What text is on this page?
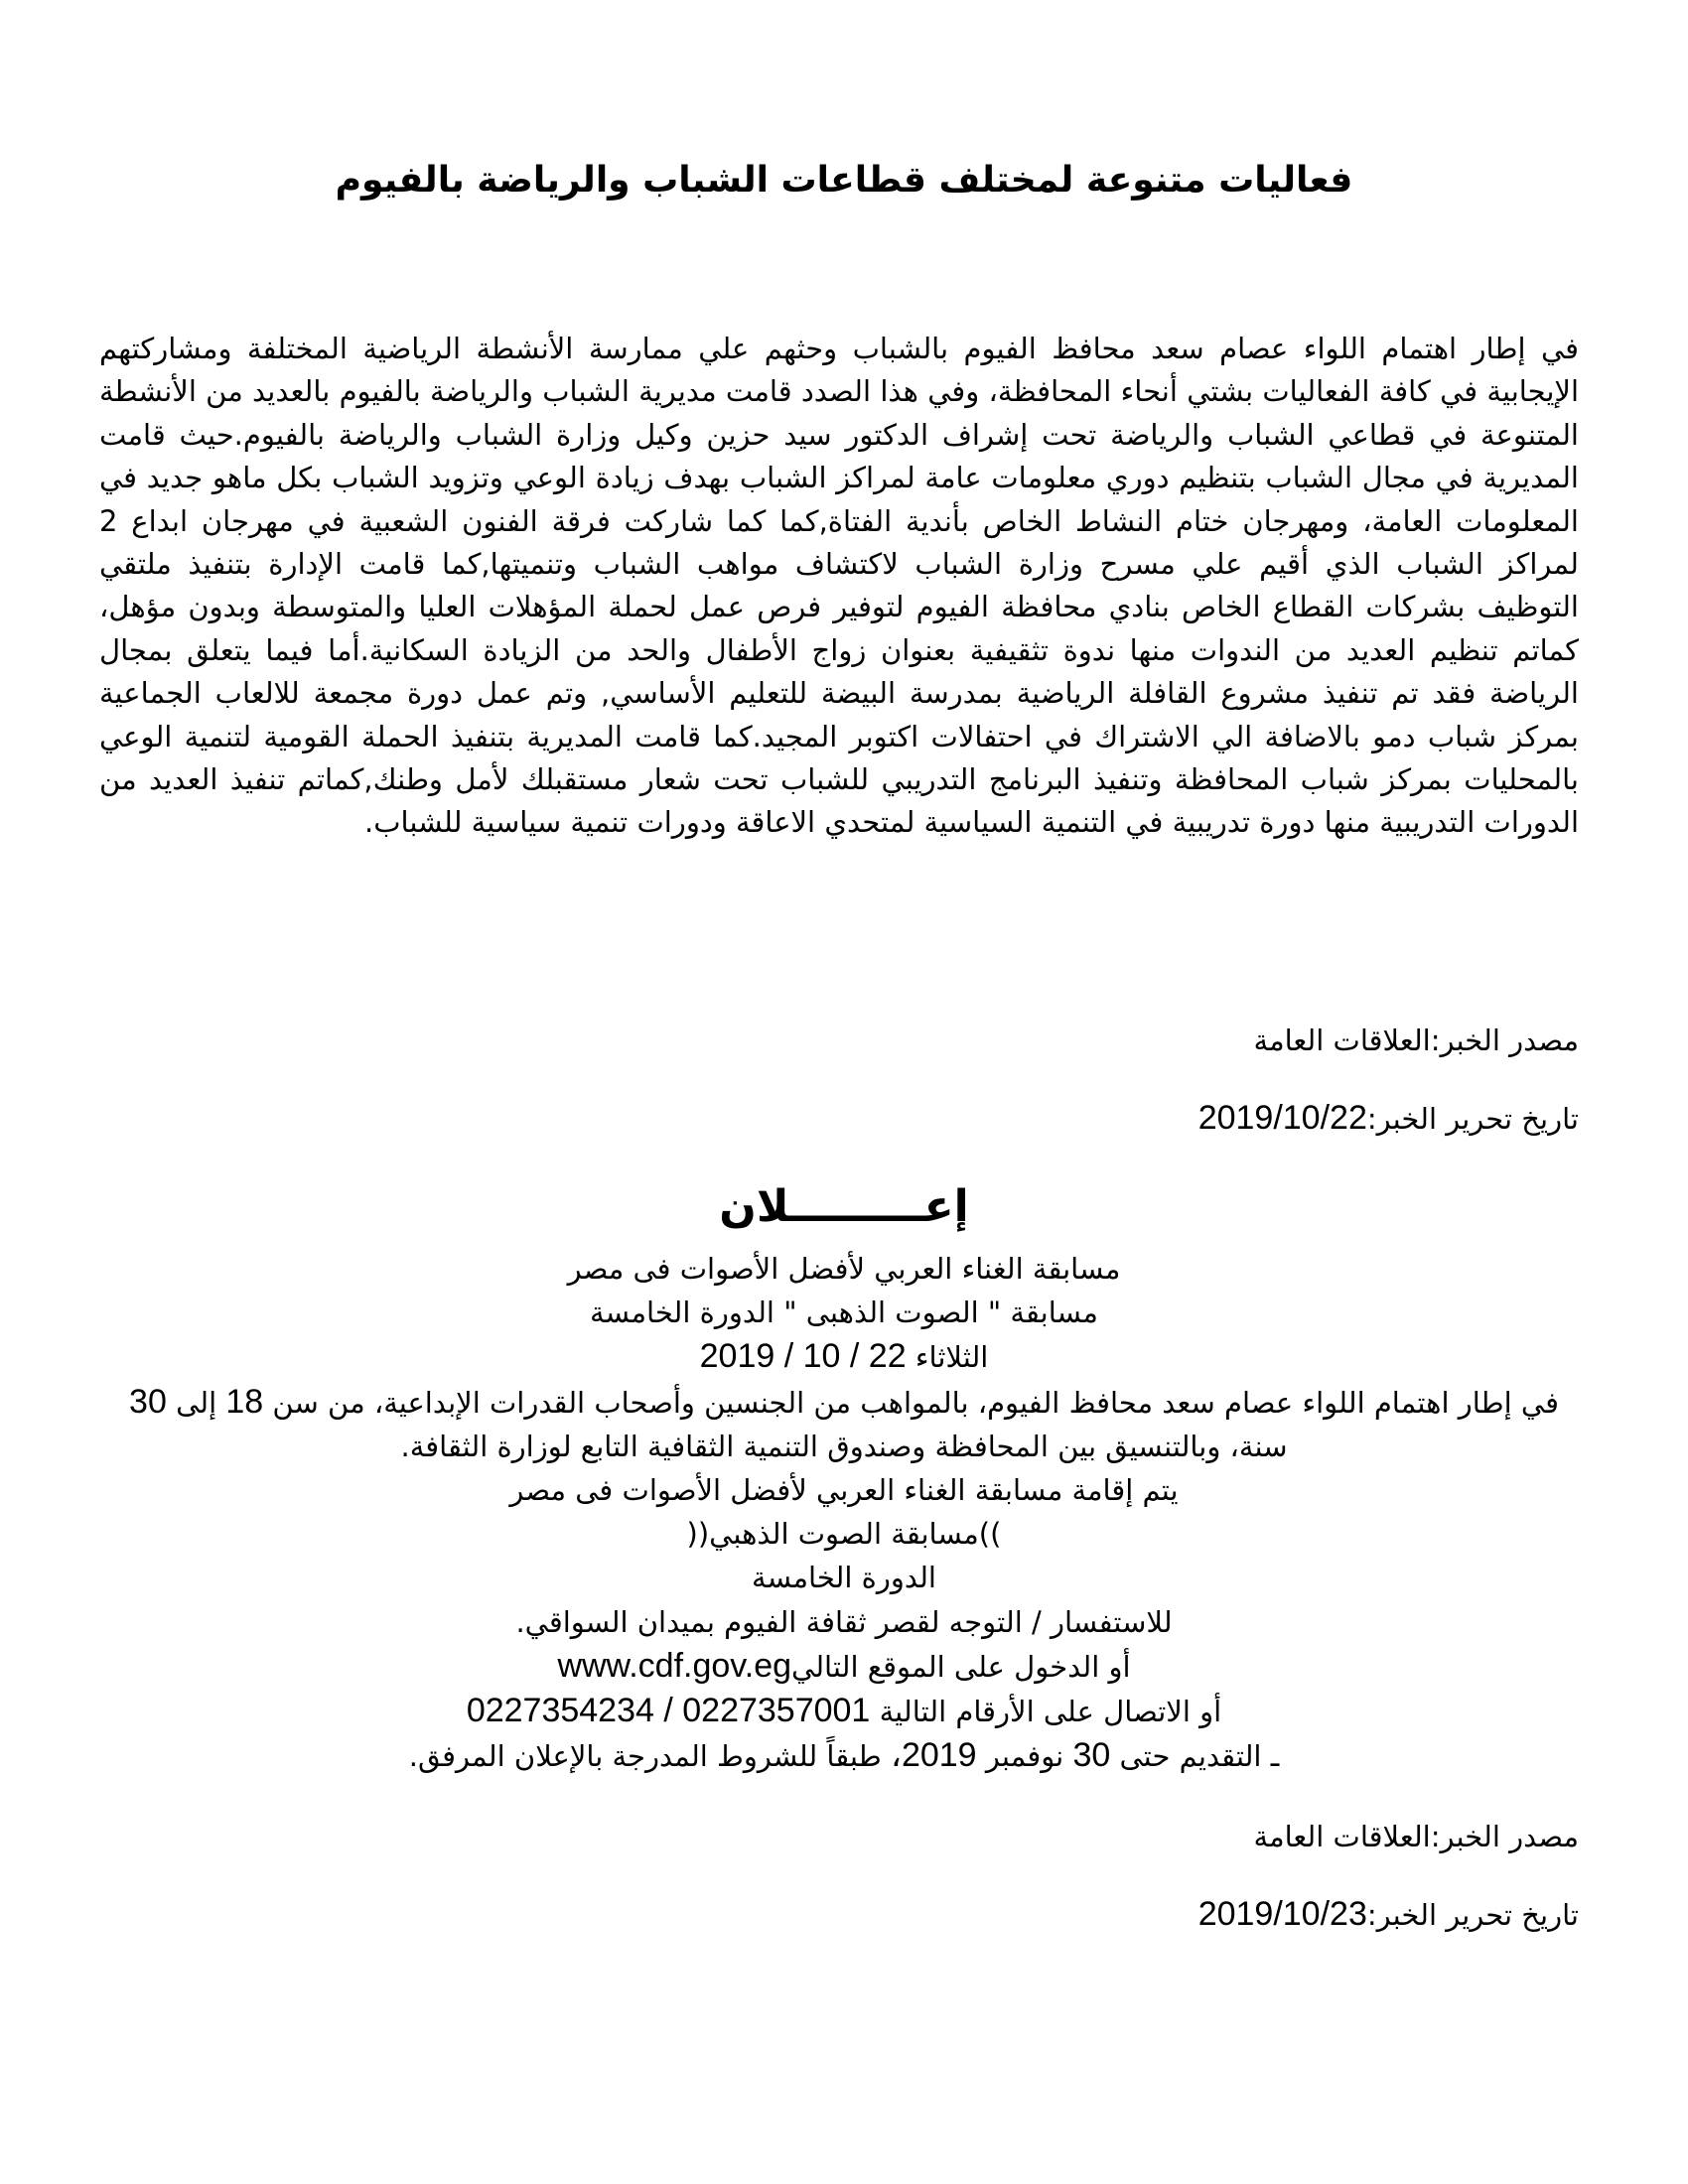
فعاليات متنوعة لمختلف قطاعات الشباب والرياضة بالفيوم

في إطار اهتمام اللواء عصام سعد محافظ الفيوم بالشباب وحثهم علي ممارسة الأنشطة الرياضية المختلفة ومشاركتهم الإيجابية في كافة الفعاليات بشتي أنحاء المحافظة، وفي هذا الصدد قامت مديرية الشباب والرياضة بالفيوم بالعديد من الأنشطة المتنوعة في قطاعي الشباب والرياضة تحت إشراف الدكتور سيد حزين وكيل وزارة الشباب والرياضة بالفيوم.حيث قامت المديرية في مجال الشباب بتنظيم دوري معلومات عامة لمراكز الشباب بهدف زيادة الوعي وتزويد الشباب بكل ماهو جديد في المعلومات العامة، ومهرجان ختام النشاط الخاص بأندية الفتاة,كما كما شاركت فرقة الفنون الشعبية في مهرجان ابداع 2 لمراكز الشباب الذي أقيم علي مسرح وزارة الشباب لاكتشاف مواهب الشباب وتنميتها,كما قامت الإدارة بتنفيذ ملتقي التوظيف بشركات القطاع الخاص بنادي محافظة الفيوم لتوفير فرص عمل لحملة المؤهلات العليا والمتوسطة وبدون مؤهل، كماتم تنظيم العديد من الندوات منها ندوة تثقيفية بعنوان زواج الأطفال والحد من الزيادة السكانية.أما فيما يتعلق بمجال الرياضة فقد تم تنفيذ مشروع القافلة الرياضية بمدرسة البيضة للتعليم الأساسي, وتم عمل دورة مجمعة للالعاب الجماعية بمركز شباب دمو بالاضافة الي الاشتراك في احتفالات اكتوبر المجيد.كما قامت المديرية بتنفيذ الحملة القومية لتنمية الوعي بالمحليات بمركز شباب المحافظة وتنفيذ البرنامج التدريبي للشباب تحت شعار مستقبلك لأمل وطنك,كماتم تنفيذ العديد من الدورات التدريبية منها دورة تدريبية في التنمية السياسية لمتحدي الاعاقة ودورات تنمية سياسية للشباب.

مصدر الخبر:العلاقات العامة

تاريخ تحرير الخبر:2019/10/22

إعـــــــــلان
مسابقة الغناء العربي لأفضل الأصوات فى مصر
مسابقة " الصوت الذهبى " الدورة الخامسة
الثلاثاء 22 / 10 / 2019
في إطار اهتمام اللواء عصام سعد محافظ الفيوم، بالمواهب من الجنسين وأصحاب القدرات الإبداعية، من سن 18 إلى 30 سنة، وبالتنسيق بين المحافظة وصندوق التنمية الثقافية التابع لوزارة الثقافة.
يتم إقامة مسابقة الغناء العربي لأفضل الأصوات فى مصر
))مسابقة الصوت الذهبي((
الدورة الخامسة
للاستفسار / التوجه لقصر ثقافة الفيوم بميدان السواقي.
أو الدخول على الموقع التاليwww.cdf.gov.eg
أو الاتصال على الأرقام التالية 0227357001 / 0227354234
ـ التقديم حتى 30 نوفمبر 2019، طبقاً للشروط المدرجة بالإعلان المرفق.

مصدر الخبر:العلاقات العامة

تاريخ تحرير الخبر:2019/10/23
